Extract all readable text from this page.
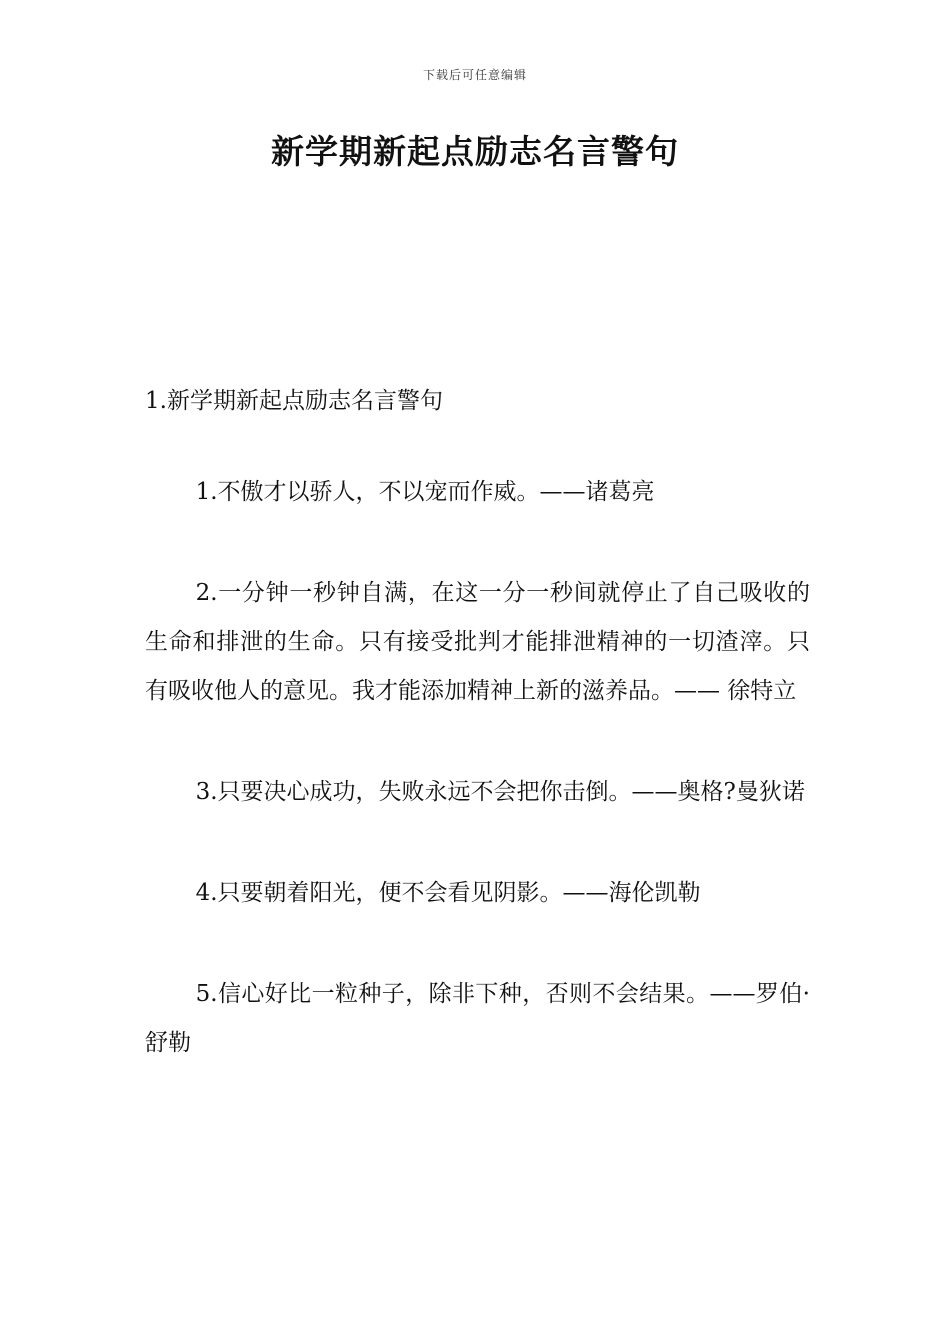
下载后可任意编辑
新学期新起点励志名言警句

1.新学期新起点励志名言警句

1.不傲才以骄人，不以宠而作威。——诸葛亮

2.一分钟一秒钟自满，在这一分一秒间就停止了自己吸收的生命和排泄的生命。只有接受批判才能排泄精神的一切渣滓。只有吸收他人的意见。我才能添加精神上新的滋养品。—— 徐特立

3.只要决心成功，失败永远不会把你击倒。——奥格?曼狄诺

4.只要朝着阳光，便不会看见阴影。——海伦凯勒

5.信心好比一粒种子，除非下种，否则不会结果。——罗伯·舒勒
